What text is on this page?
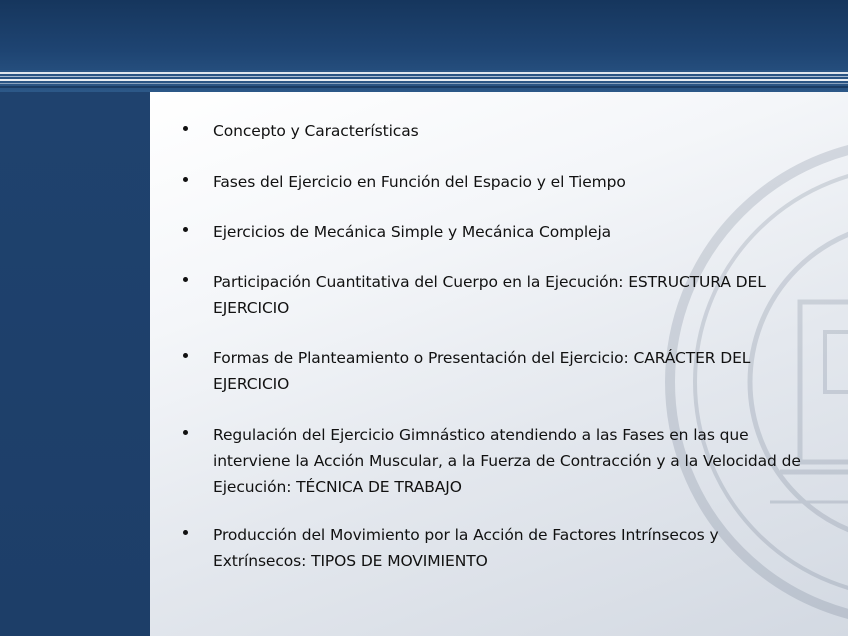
Concepto y Características
Fases del Ejercicio en Función del Espacio y el Tiempo
Ejercicios de Mecánica Simple y Mecánica Compleja
Participación Cuantitativa del Cuerpo en la Ejecución: ESTRUCTURA DEL EJERCICIO
Formas de Planteamiento o Presentación del Ejercicio: CARÁCTER DEL EJERCICIO
Regulación del Ejercicio Gimnástico atendiendo a las Fases en las que interviene la Acción Muscular, a la Fuerza de Contracción y a la Velocidad de Ejecución: TÉCNICA DE TRABAJO
Producción del Movimiento por la Acción de Factores Intrínsecos y Extrínsecos: TIPOS DE MOVIMIENTO
